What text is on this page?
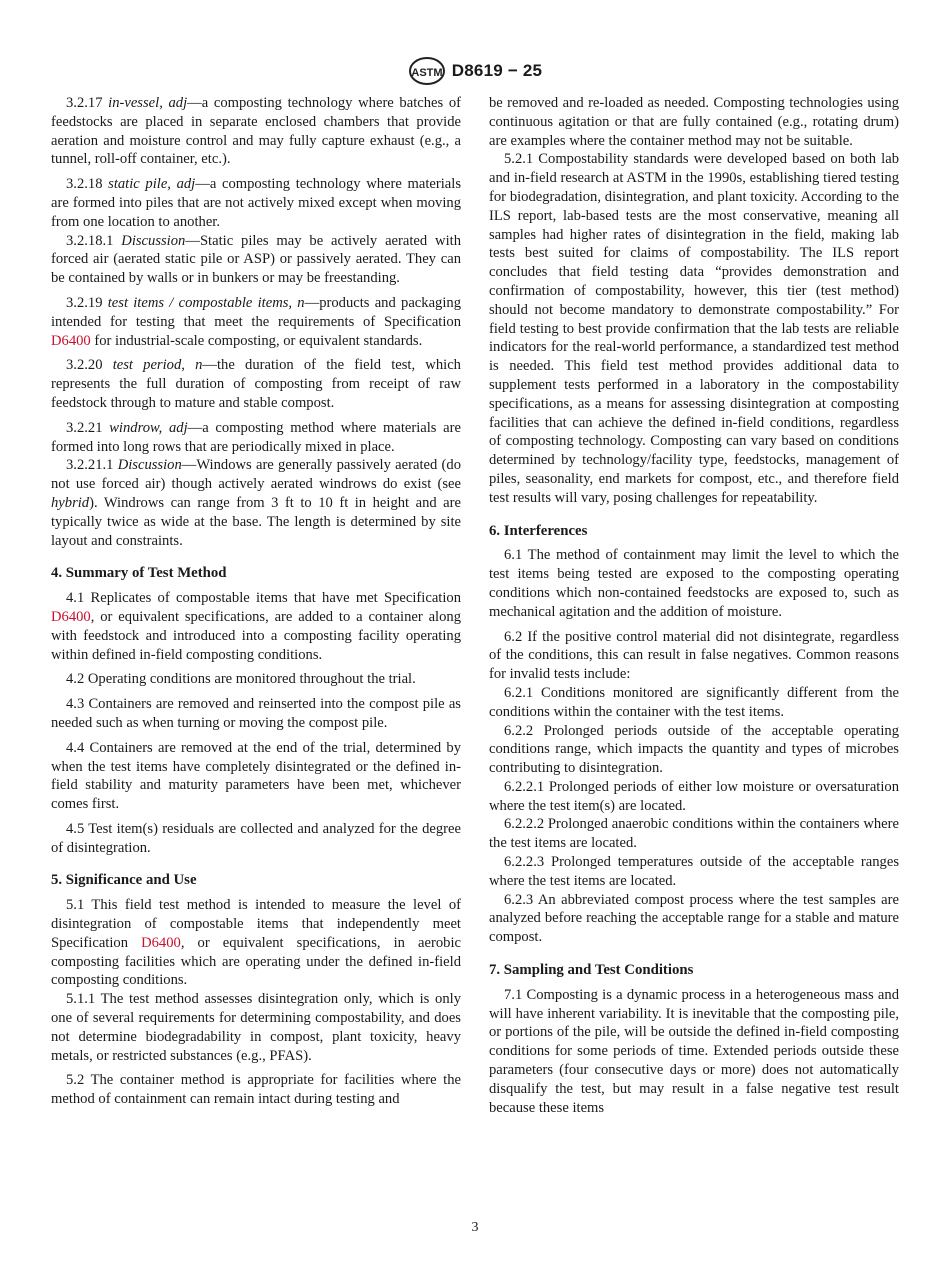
ASTM D8619 − 25
3.2.17 in-vessel, adj—a composting technology where batches of feedstocks are placed in separate enclosed chambers that provide aeration and moisture control and may fully capture exhaust (e.g., a tunnel, roll-off container, etc.).
3.2.18 static pile, adj—a composting technology where materials are formed into piles that are not actively mixed except when moving from one location to another.
3.2.18.1 Discussion—Static piles may be actively aerated with forced air (aerated static pile or ASP) or passively aerated. They can be contained by walls or in bunkers or may be freestanding.
3.2.19 test items / compostable items, n—products and packaging intended for testing that meet the requirements of Specification D6400 for industrial-scale composting, or equivalent standards.
3.2.20 test period, n—the duration of the field test, which represents the full duration of composting from receipt of raw feedstock through to mature and stable compost.
3.2.21 windrow, adj—a composting method where materials are formed into long rows that are periodically mixed in place.
3.2.21.1 Discussion—Windows are generally passively aerated (do not use forced air) though actively aerated windrows do exist (see hybrid). Windrows can range from 3 ft to 10 ft in height and are typically twice as wide at the base. The length is determined by site layout and constraints.
4. Summary of Test Method
4.1 Replicates of compostable items that have met Specification D6400, or equivalent specifications, are added to a container along with feedstock and introduced into a composting facility operating within defined in-field composting conditions.
4.2 Operating conditions are monitored throughout the trial.
4.3 Containers are removed and reinserted into the compost pile as needed such as when turning or moving the compost pile.
4.4 Containers are removed at the end of the trial, determined by when the test items have completely disintegrated or the defined in-field stability and maturity parameters have been met, whichever comes first.
4.5 Test item(s) residuals are collected and analyzed for the degree of disintegration.
5. Significance and Use
5.1 This field test method is intended to measure the level of disintegration of compostable items that independently meet Specification D6400, or equivalent specifications, in aerobic composting facilities which are operating under the defined in-field composting conditions.
5.1.1 The test method assesses disintegration only, which is only one of several requirements for determining compostability, and does not determine biodegradability in compost, plant toxicity, heavy metals, or restricted substances (e.g., PFAS).
5.2 The container method is appropriate for facilities where the method of containment can remain intact during testing and
be removed and re-loaded as needed. Composting technologies using continuous agitation or that are fully contained (e.g., rotating drum) are examples where the container method may not be suitable.
5.2.1 Compostability standards were developed based on both lab and in-field research at ASTM in the 1990s, establishing tiered testing for biodegradation, disintegration, and plant toxicity. According to the ILS report, lab-based tests are the most conservative, meaning all samples had higher rates of disintegration in the field, making lab tests best suited for claims of compostability. The ILS report concludes that field testing data “provides demonstration and confirmation of compostability, however, this tier (test method) should not become mandatory to demonstrate compostability.” For field testing to best provide confirmation that the lab tests are reliable indicators for the real-world performance, a standardized test method is needed. This field test method provides additional data to supplement tests performed in a laboratory in the compostability specifications, as a means for assessing disintegration at composting facilities that can achieve the defined in-field conditions, regardless of composting technology. Composting can vary based on conditions determined by technology/facility type, feedstocks, management of piles, seasonality, end markets for compost, etc., and therefore field test results will vary, posing challenges for repeatability.
6. Interferences
6.1 The method of containment may limit the level to which the test items being tested are exposed to the composting operating conditions which non-contained feedstocks are exposed to, such as mechanical agitation and the addition of moisture.
6.2 If the positive control material did not disintegrate, regardless of the conditions, this can result in false negatives. Common reasons for invalid tests include:
6.2.1 Conditions monitored are significantly different from the conditions within the container with the test items.
6.2.2 Prolonged periods outside of the acceptable operating conditions range, which impacts the quantity and types of microbes contributing to disintegration.
6.2.2.1 Prolonged periods of either low moisture or oversaturation where the test item(s) are located.
6.2.2.2 Prolonged anaerobic conditions within the containers where the test items are located.
6.2.2.3 Prolonged temperatures outside of the acceptable ranges where the test items are located.
6.2.3 An abbreviated compost process where the test samples are analyzed before reaching the acceptable range for a stable and mature compost.
7. Sampling and Test Conditions
7.1 Composting is a dynamic process in a heterogeneous mass and will have inherent variability. It is inevitable that the composting pile, or portions of the pile, will be outside the defined in-field composting conditions for some periods of time. Extended periods outside these parameters (four consecutive days or more) does not automatically disqualify the test, but may result in a false negative test result because these items
3
